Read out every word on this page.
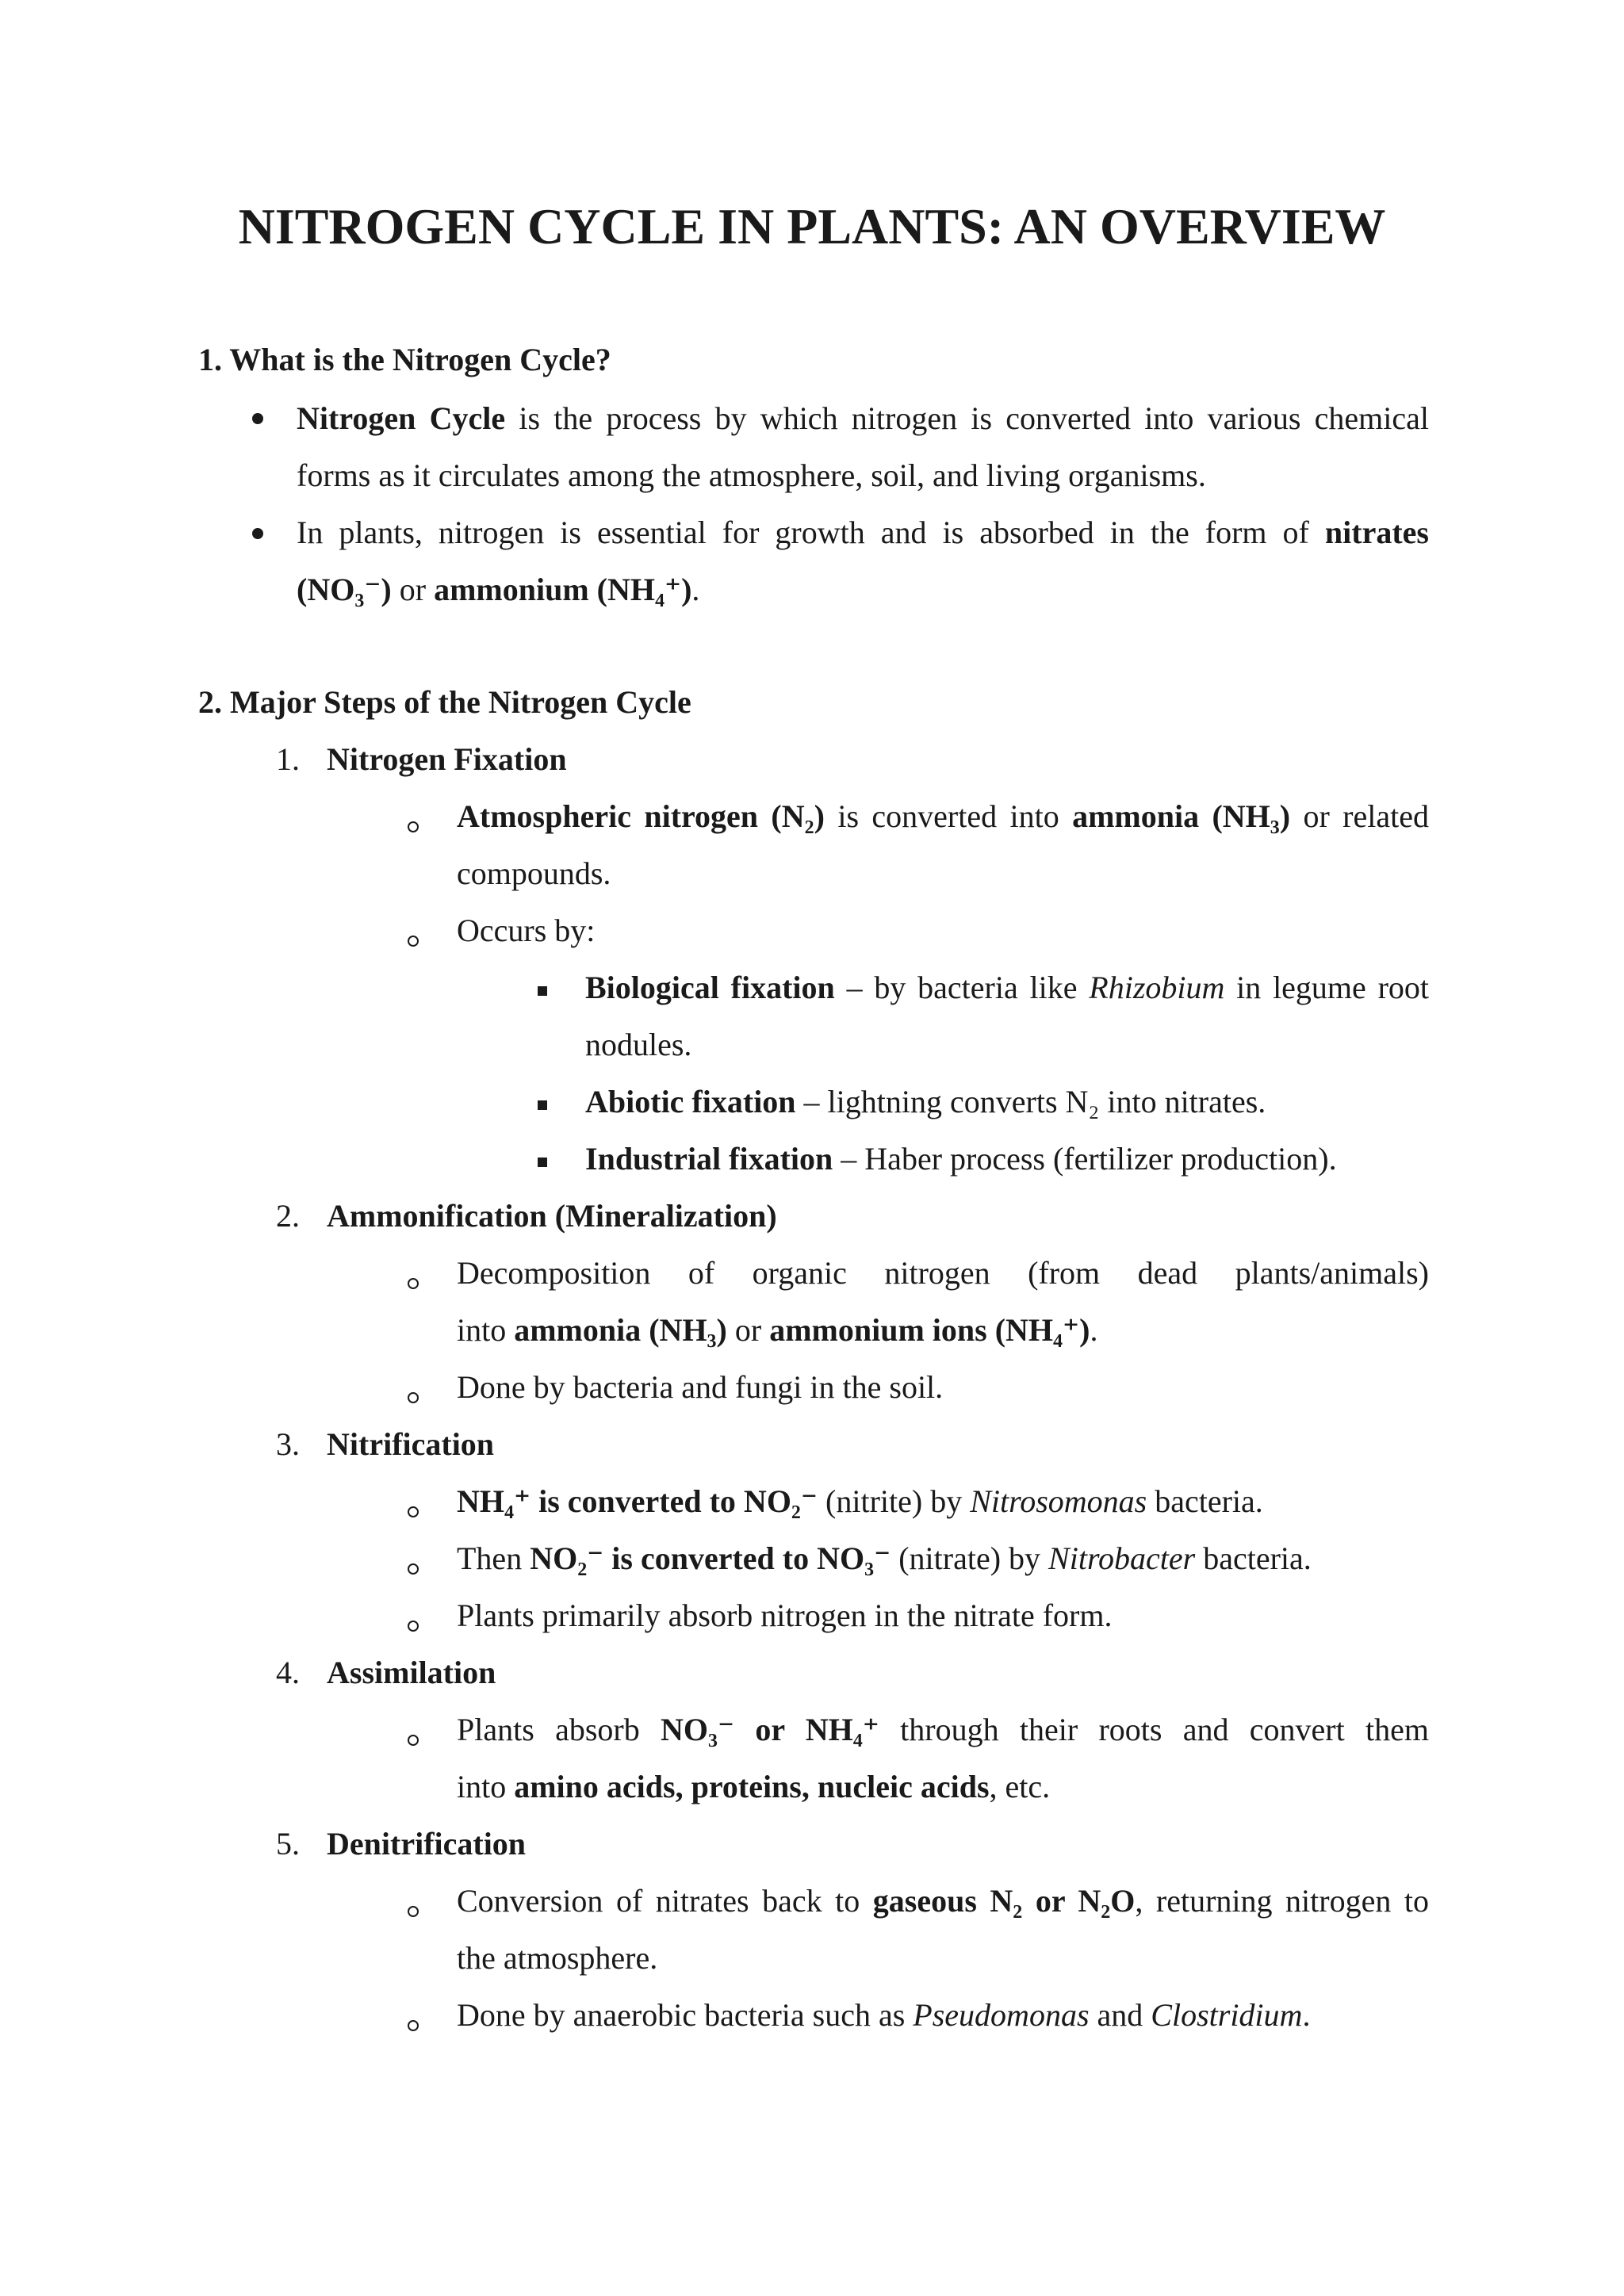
NITROGEN CYCLE IN PLANTS: AN OVERVIEW
1. What is the Nitrogen Cycle?
Nitrogen Cycle is the process by which nitrogen is converted into various chemical
forms as it circulates among the atmosphere, soil, and living organisms.
In plants, nitrogen is essential for growth and is absorbed in the form of nitrates
(NO₃⁻) or ammonium (NH₄⁺).
2. Major Steps of the Nitrogen Cycle
1. Nitrogen Fixation
Atmospheric nitrogen (N₂) is converted into ammonia (NH₃) or related
compounds.
Occurs by:
Biological fixation – by bacteria like Rhizobium in legume root
nodules.
Abiotic fixation – lightning converts N₂ into nitrates.
Industrial fixation – Haber process (fertilizer production).
2. Ammonification (Mineralization)
Decomposition of organic nitrogen (from dead plants/animals)
into ammonia (NH₃) or ammonium ions (NH₄⁺).
Done by bacteria and fungi in the soil.
3. Nitrification
NH₄⁺ is converted to NO₂⁻ (nitrite) by Nitrosomonas bacteria.
Then NO₂⁻ is converted to NO₃⁻ (nitrate) by Nitrobacter bacteria.
Plants primarily absorb nitrogen in the nitrate form.
4. Assimilation
Plants absorb NO₃⁻ or NH₄⁺ through their roots and convert them
into amino acids, proteins, nucleic acids, etc.
5. Denitrification
Conversion of nitrates back to gaseous N₂ or N₂O, returning nitrogen to
the atmosphere.
Done by anaerobic bacteria such as Pseudomonas and Clostridium.
